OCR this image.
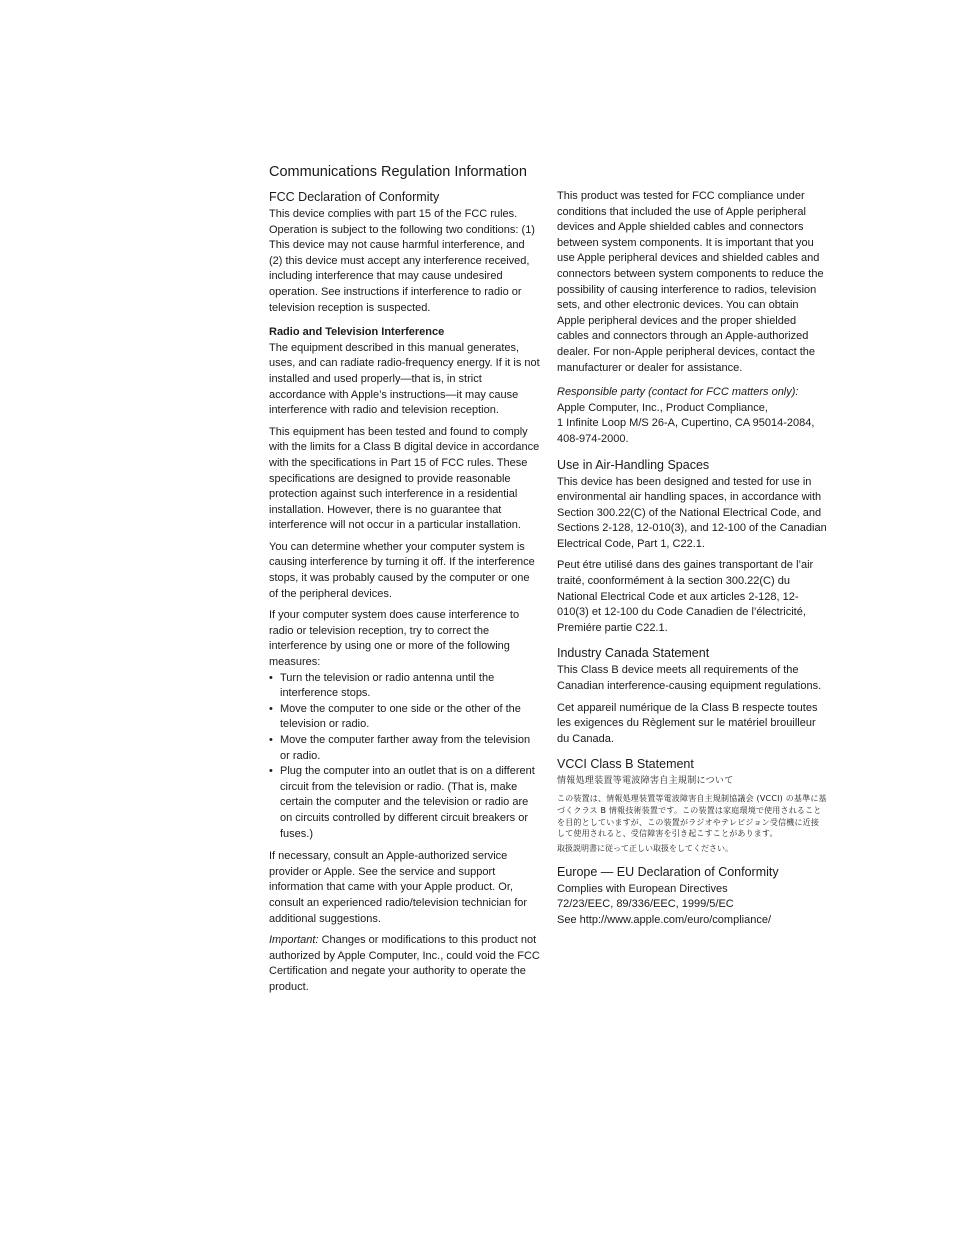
Communications Regulation Information
FCC Declaration of Conformity

This device complies with part 15 of the FCC rules. Operation is subject to the following two conditions: (1) This device may not cause harmful interference, and (2) this device must accept any interference received, including interference that may cause undesired operation. See instructions if interference to radio or television reception is suspected.

Radio and Television Interference

The equipment described in this manual generates, uses, and can radiate radio-frequency energy. If it is not installed and used properly—that is, in strict accordance with Apple’s instructions—it may cause interference with radio and television reception.

This equipment has been tested and found to comply with the limits for a Class B digital device in accordance with the specifications in Part 15 of FCC rules. These specifications are designed to provide reasonable protection against such interference in a residential installation. However, there is no guarantee that interference will not occur in a particular installation.

You can determine whether your computer system is causing interference by turning it off. If the interference stops, it was probably caused by the computer or one of the peripheral devices.

If your computer system does cause interference to radio or television reception, try to correct the interference by using one or more of the following measures:

• Turn the television or radio antenna until the interference stops.
• Move the computer to one side or the other of the television or radio.
• Move the computer farther away from the television or radio.
• Plug the computer into an outlet that is on a different circuit from the television or radio. (That is, make certain the computer and the television or radio are on circuits controlled by different circuit breakers or fuses.)

If necessary, consult an Apple-authorized service provider or Apple. See the service and support information that came with your Apple product. Or, consult an experienced radio/television technician for additional suggestions.

Important: Changes or modifications to this product not authorized by Apple Computer, Inc., could void the FCC Certification and negate your authority to operate the product.

This product was tested for FCC compliance under conditions that included the use of Apple peripheral devices and Apple shielded cables and connectors between system components. It is important that you use Apple peripheral devices and shielded cables and connectors between system components to reduce the possibility of causing interference to radios, television sets, and other electronic devices. You can obtain Apple peripheral devices and the proper shielded cables and connectors through an Apple-authorized dealer. For non-Apple peripheral devices, contact the manufacturer or dealer for assistance.

Responsible party (contact for FCC matters only):
Apple Computer, Inc., Product Compliance,
1 Infinite Loop M/S 26-A, Cupertino, CA 95014-2084,
408-974-2000.

Use in Air-Handling Spaces

This device has been designed and tested for use in environmental air handling spaces, in accordance with Section 300.22(C) of the National Electrical Code, and Sections 2-128, 12-010(3), and 12-100 of the Canadian Electrical Code, Part 1, C22.1.

Peut étre utilisé dans des gaines transportant de l’air traité, coonformément à la section 300.22(C) du National Electrical Code et aux articles 2-128, 12-010(3) et 12-100 du Code Canadien de l’électricité, Premiére partie C22.1.

Industry Canada Statement

This Class B device meets all requirements of the Canadian interference-causing equipment regulations.

Cet appareil numérique de la Class B respecte toutes les exigences du Règlement sur le matériel brouilleur du Canada.

VCCI Class B Statement
情報処理装置等電波障害自主規制について
この装置は、情報処理装置等電波障害自主規制協議会 (VCCI) の基準に基づくクラス B 情報技術装置です。この装置は家庭環境で使用されることを目的としていますが、この装置がラジオやテレビジョン受信機に近接して使用されると、受信障害を引き起こすことがあります。
取扱説明書に従って正しい取扱をしてください。
Europe — EU Declaration of Conformity

Complies with European Directives
72/23/EEC, 89/336/EEC, 1999/5/EC
See http://www.apple.com/euro/compliance/
